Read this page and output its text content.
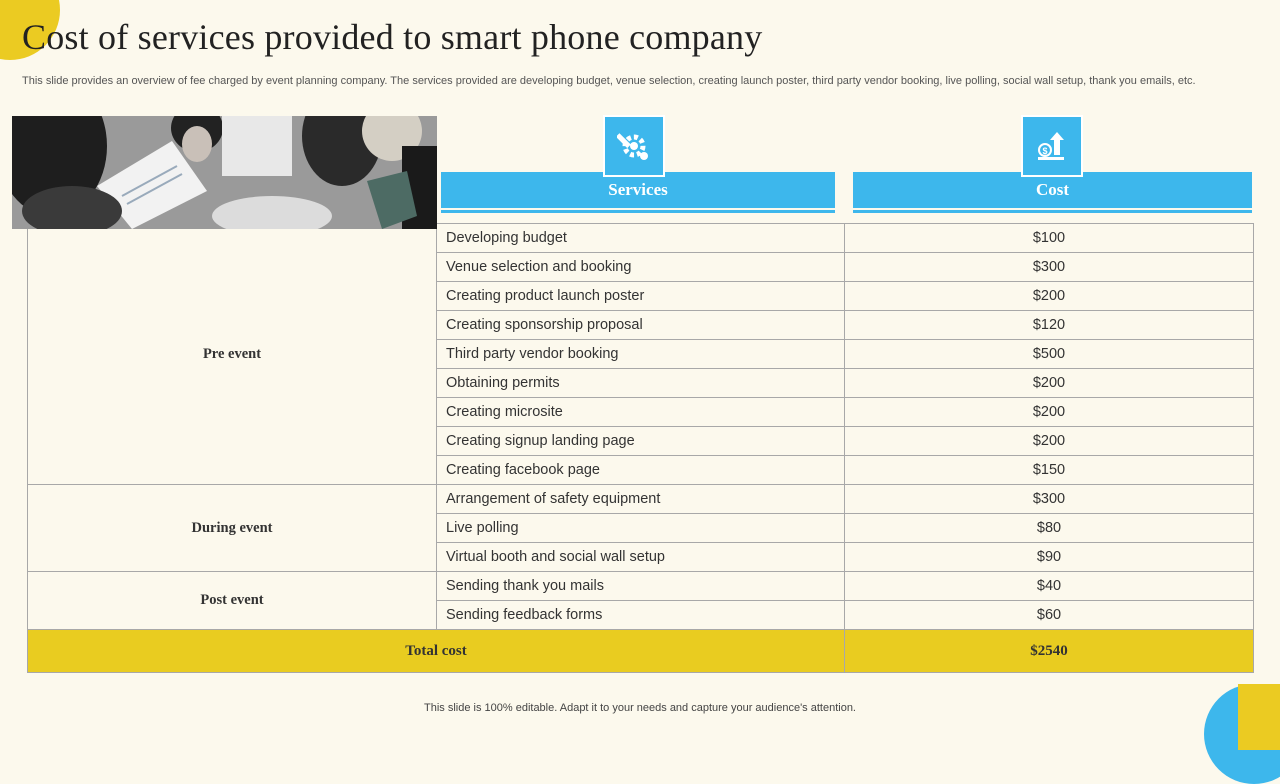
Cost of services provided to smart phone company

This slide provides an overview of fee charged by event planning company. The services provided are developing budget, venue selection, creating launch poster, third party vendor booking, live polling, social wall setup, thank you emails, etc.

$
Services	Cost
Pre event	Developing budget	$100
	Venue selection and booking	$300
	Creating product launch poster	$200
	Creating sponsorship proposal	$120
	Third party vendor booking	$500
	Obtaining permits	$200
	Creating microsite	$200
	Creating signup landing page	$200
	Creating facebook page	$150
During event	Arrangement of safety equipment	$300
	Live polling	$80
	Virtual booth and social wall setup	$90
Post event	Sending thank you mails	$40
	Sending feedback forms	$60
Total cost		$2540
This slide is 100% editable. Adapt it to your needs and capture your audience's attention.
